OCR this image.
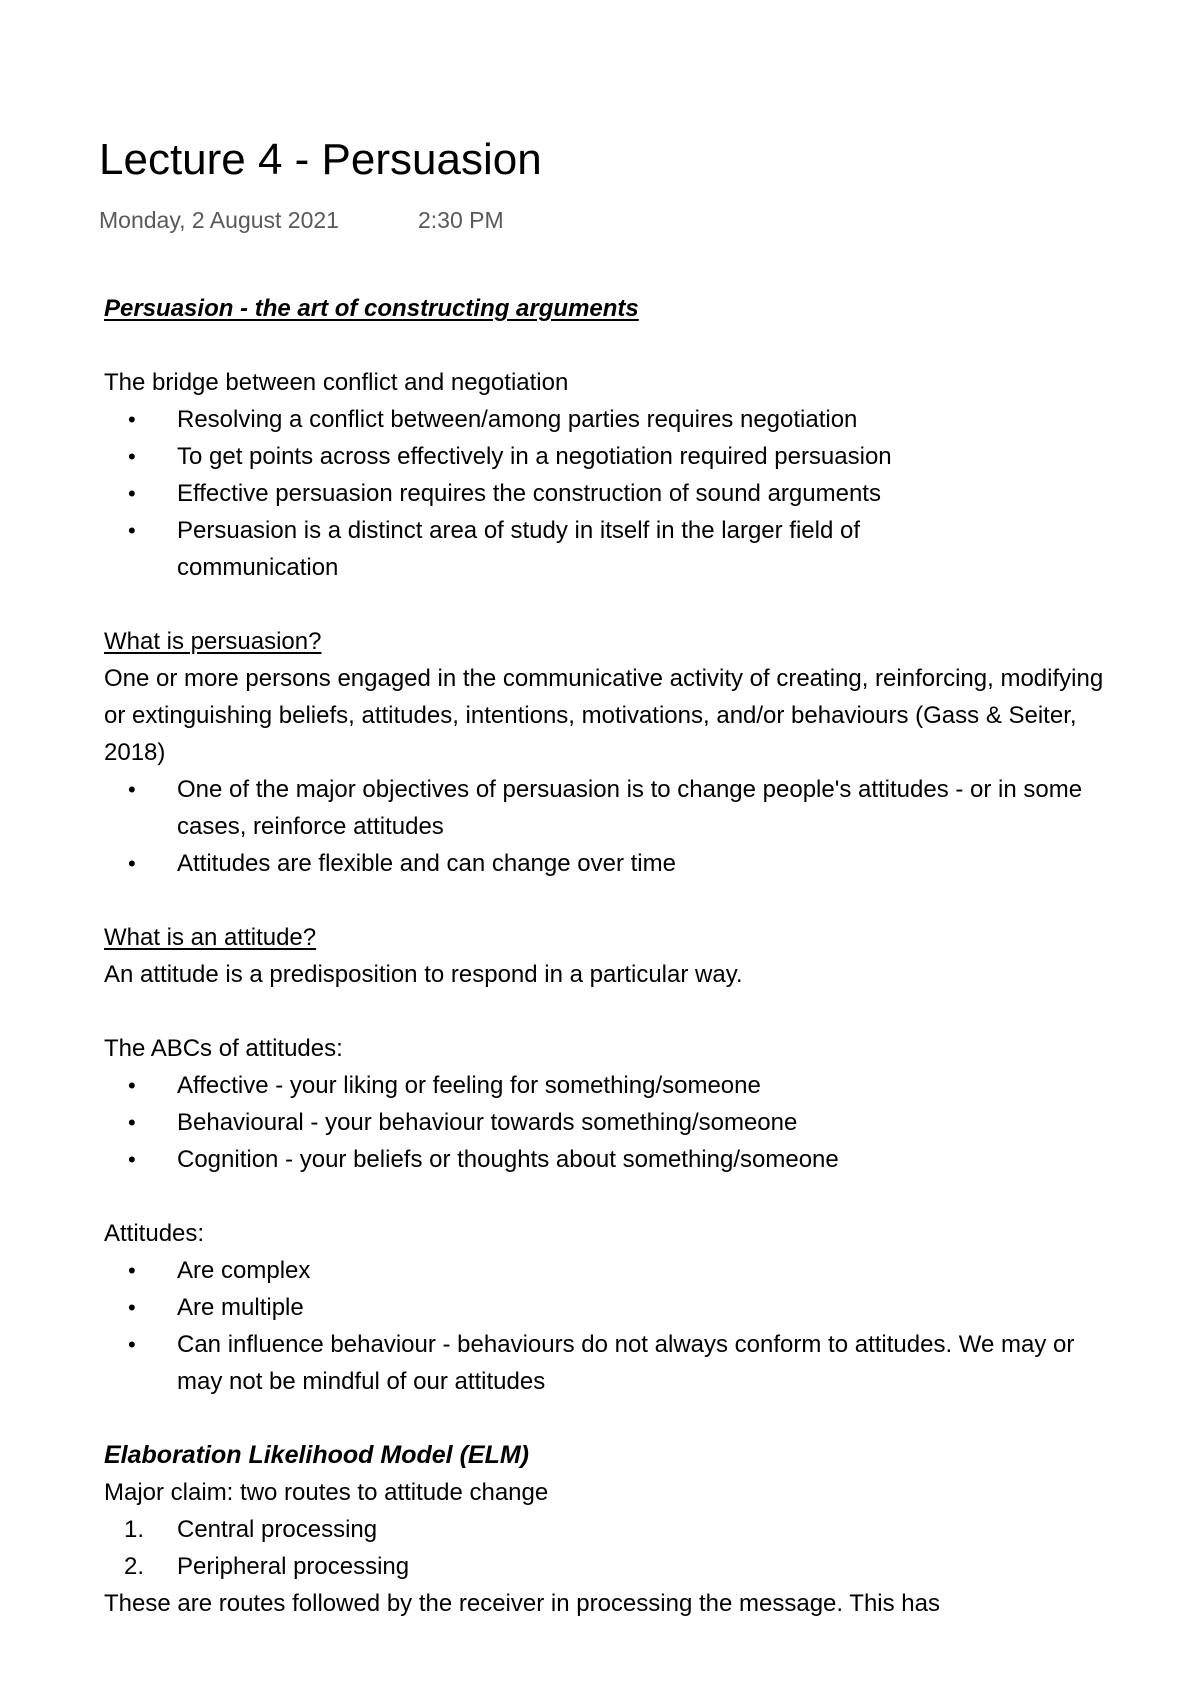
Lecture 4 - Persuasion
Monday, 2 August 2021	2:30 PM

Persuasion - the art of constructing arguments

The bridge between conflict and negotiation

• Resolving a conflict between/among parties requires negotiation
• To get points across effectively in a negotiation required persuasion
• Effective persuasion requires the construction of sound arguments
• Persuasion is a distinct area of study in itself in the larger field of communication

What is persuasion?

One or more persons engaged in the communicative activity of creating, reinforcing, modifying or extinguishing beliefs, attitudes, intentions, motivations, and/or behaviours (Gass & Seiter, 2018)

• One of the major objectives of persuasion is to change people's attitudes - or in some cases, reinforce attitudes
• Attitudes are flexible and can change over time

What is an attitude?

An attitude is a predisposition to respond in a particular way.

The ABCs of attitudes:

• Affective - your liking or feeling for something/someone
• Behavioural - your behaviour towards something/someone
• Cognition - your beliefs or thoughts about something/someone

Attitudes:

• Are complex
• Are multiple
• Can influence behaviour - behaviours do not always conform to attitudes. We may or may not be mindful of our attitudes

Elaboration Likelihood Model (ELM)

Major claim: two routes to attitude change

1. Central processing
2. Peripheral processing

These are routes followed by the receiver in processing the message. This has
